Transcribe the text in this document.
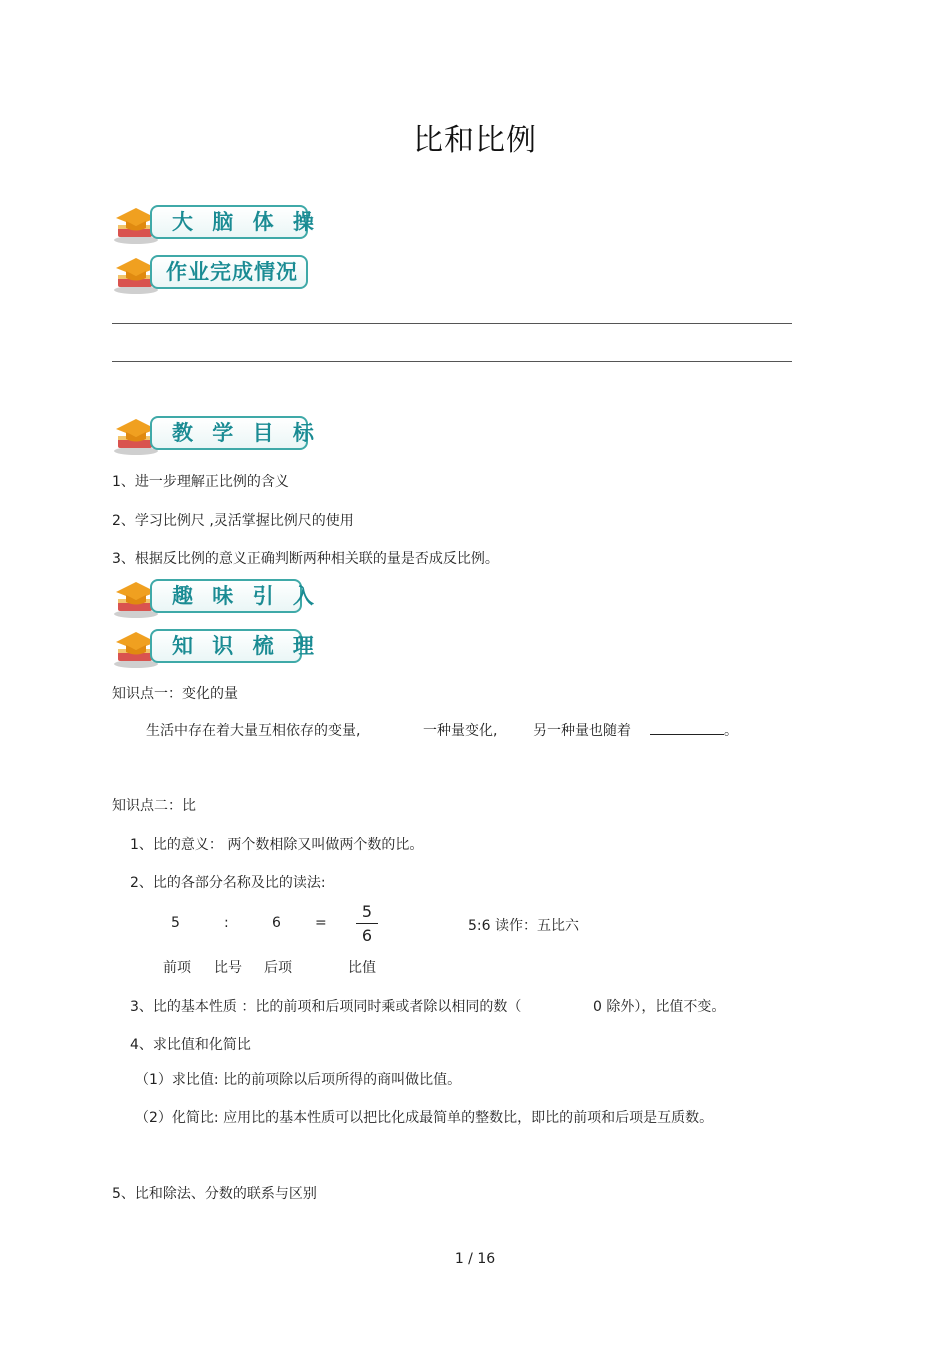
比和比例
大 脑 体 操
作业完成情况
教 学 目 标
1、进一步理解正比例的含义
2、学习比例尺 ,灵活掌握比例尺的使用
3、根据反比例的意义正确判断两种相关联的量是否成反比例。
趣 味 引 入
知 识 梳 理
知识点一：变化的量
生活中存在着大量互相依存的变量,	一种量变化,	另一种量也随着	。
知识点二：比
1、比的意义： 两个数相除又叫做两个数的比。
2、比的各部分名称及比的读法:
5	:	6 =
5
6	5:6 读作：五比六
前项 比号 后项	比值
3、比的基本性质 ：比的前项和后项同时乘或者除以相同的数（	0 除外），比值不变。
4、求比值和化简比
（1）求比值: 比的前项除以后项所得的商叫做比值。
（2）化简比: 应用比的基本性质可以把比化成最简单的整数比，即比的前项和后项是互质数。
5、比和除法、分数的联系与区别
1 / 16
